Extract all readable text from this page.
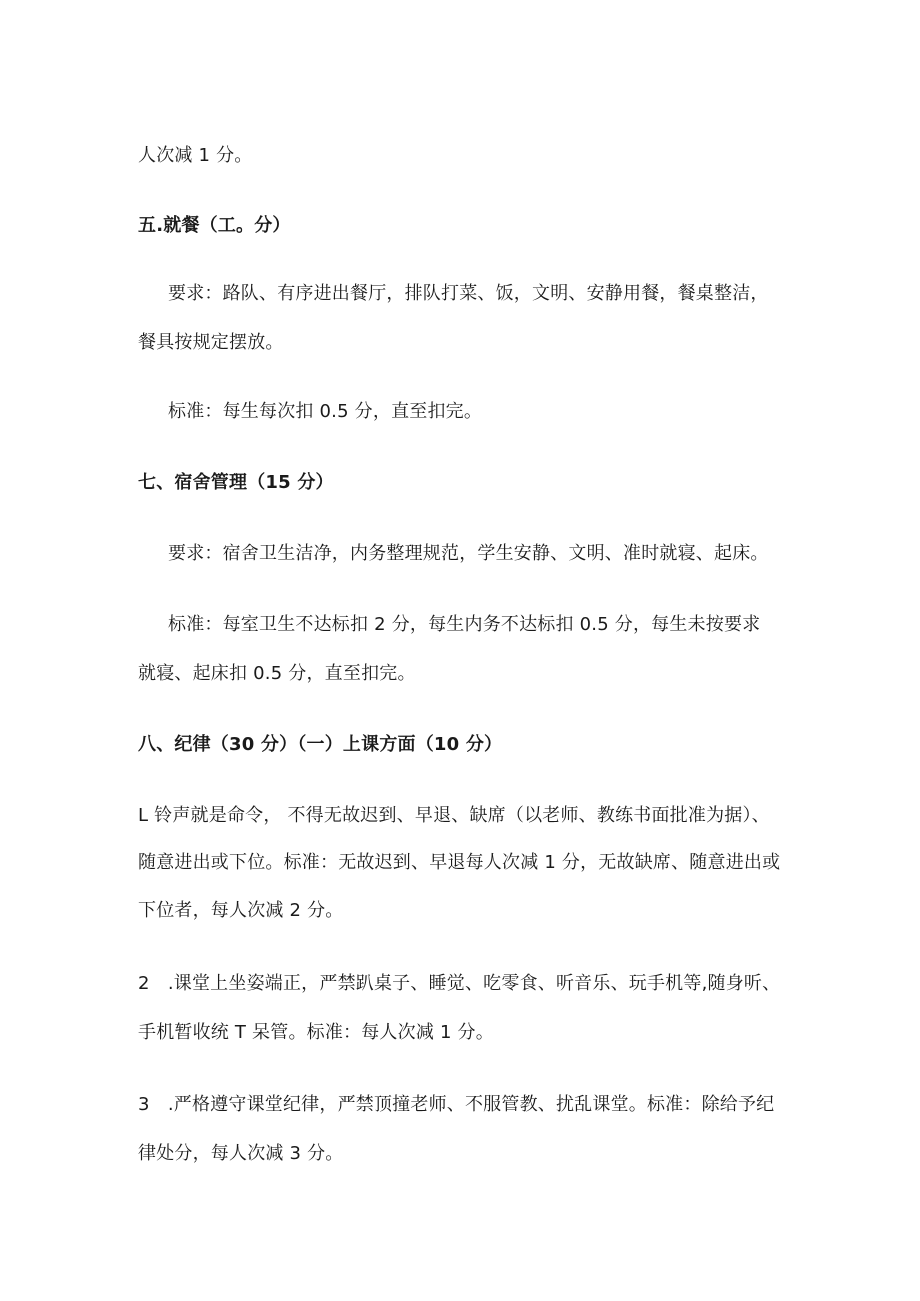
人次减 1 分。

五.就餐（工。分）

要求：路队、有序进出餐厅，排队打菜、饭，文明、安静用餐，餐桌整洁，

餐具按规定摆放。

标准：每生每次扣 0.5 分，直至扣完。

七、宿舍管理（15 分）

要求：宿舍卫生洁净，内务整理规范，学生安静、文明、准时就寝、起床。

标准：每室卫生不达标扣 2 分，每生内务不达标扣 0.5 分，每生未按要求

就寝、起床扣 0.5 分，直至扣完。

八、纪律（30 分）（一）上课方面（10 分）

L 铃声就是命令， 不得无故迟到、早退、缺席（以老师、教练书面批准为据）、

随意进出或下位。标准：无故迟到、早退每人次减 1 分，无故缺席、随意进出或

下位者，每人次减 2 分。

2　.课堂上坐姿端正，严禁趴桌子、睡觉、吃零食、听音乐、玩手机等,随身听、

手机暂收统 T 呆管。标准：每人次减 1 分。

3　.严格遵守课堂纪律，严禁顶撞老师、不服管教、扰乱课堂。标准：除给予纪

律处分，每人次减 3 分。
